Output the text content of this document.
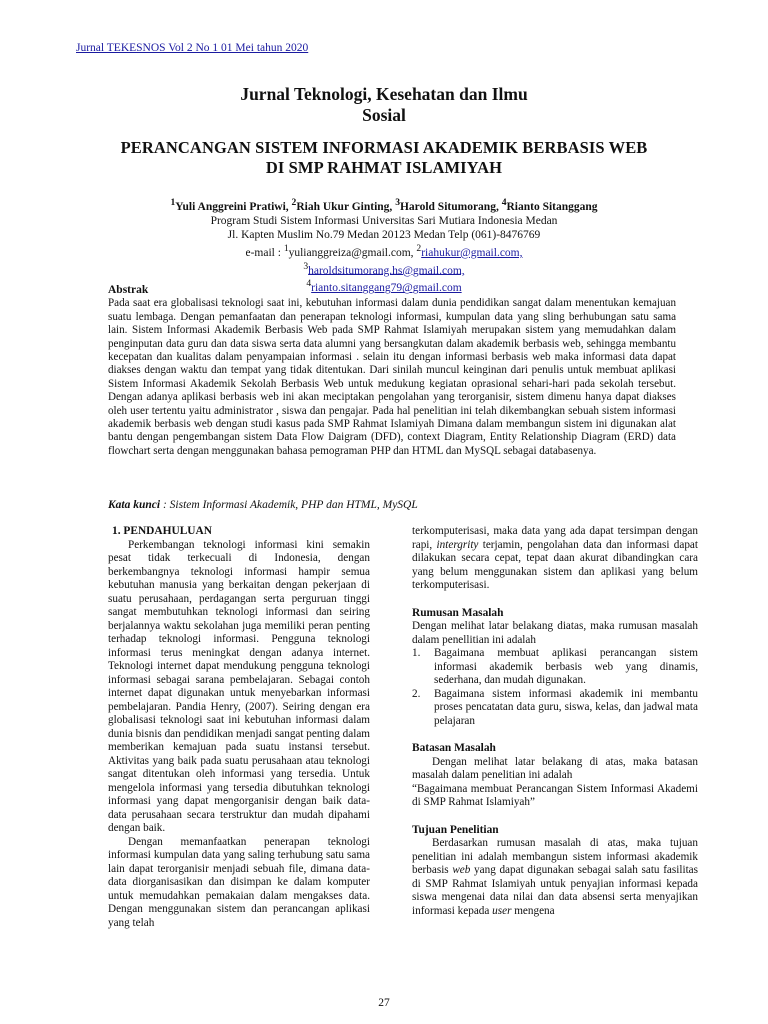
Jurnal TEKESNOS Vol 2 No 1 01 Mei tahun 2020
Jurnal Teknologi, Kesehatan dan Ilmu
Sosial
PERANCANGAN SISTEM INFORMASI AKADEMIK BERBASIS WEB
DI SMP RAHMAT ISLAMIYAH
$^1$Yuli Anggreini Pratiwi, $^2$Riah Ukur Ginting, $^3$Harold Situmorang, $^4$Rianto Sitanggang
Program Studi Sistem Informasi Universitas Sari Mutiara Indonesia Medan
Jl. Kapten Muslim No.79 Medan 20123 Medan Telp (061)-8476769
e-mail : $^1$yulianggreiza@gmail.com, $^2$riahukur@gmail.com,
$^3$haroldsitumorang.hs@gmail.com,
$^4$rianto.sitanggang79@gmail.com
Abstrak

Pada saat era globalisasi teknologi saat ini, kebutuhan informasi dalam dunia pendidikan sangat dalam menentukan kemajuan suatu lembaga. Dengan pemanfaatan dan penerapan teknologi informasi, kumpulan data yang sling berhubungan satu sama lain. Sistem Informasi Akademik Berbasis Web pada SMP Rahmat Islamiyah merupakan sistem yang memudahkan dalam penginputan data guru dan data siswa serta data alumni yang bersangkutan dalam akademik berbasis web, sehingga membantu kecepatan dan kualitas dalam penyampaian informasi . selain itu dengan informasi berbasis web maka informasi data dapat diakses dengan waktu dan tempat yang tidak ditentukan. Dari sinilah muncul keinginan dari penulis untuk membuat aplikasi Sistem Informasi Akademik Sekolah Berbasis Web untuk medukung kegiatan oprasional sehari-hari pada sekolah tersebut. Dengan adanya aplikasi berbasis web ini akan meciptakan pengolahan yang terorganisir, sistem dimenu hanya dapat diakses oleh user tertentu yaitu administrator , siswa dan pengajar. Pada hal penelitian ini telah dikembangkan sebuah sistem informasi akademik berbasis web dengan studi kasus pada SMP Rahmat Islamiyah Dimana dalam membangun sistem ini digunakan alat bantu dengan pengembangan sistem Data Flow Daigram (DFD), context Diagram, Entity Relationship Diagram (ERD) data flowchart serta dengan menggunakan bahasa pemograman PHP dan HTML dan MySQL sebagai databasenya.

Kata kunci : Sistem Informasi Akademik, PHP dan HTML, MySQL
1. PENDAHULUAN

Perkembangan teknologi informasi kini semakin pesat tidak terkecuali di Indonesia, dengan berkembangnya teknologi informasi hampir semua kebutuhan manusia yang berkaitan dengan pekerjaan di suatu perusahaan, perdagangan serta perguruan tinggi sangat membutuhkan teknologi informasi dan seiring berjalannya waktu sekolahan juga memiliki peran penting terhadap teknologi informasi. Pengguna teknologi informasi terus meningkat dengan adanya internet. Teknologi internet dapat mendukung pengguna teknologi informasi sebagai sarana pembelajaran. Sebagai contoh internet dapat digunakan untuk menyebarkan informasi pembelajaran. Pandia Henry, (2007). Seiring dengan era globalisasi teknologi saat ini kebutuhan informasi dalam dunia bisnis dan pendidikan menjadi sangat penting dalam memberikan kemajuan pada suatu instansi tersebut. Aktivitas yang baik pada suatu perusahaan atau teknologi sangat ditentukan oleh informasi yang tersedia. Untuk mengelola informasi yang tersedia dibutuhkan teknologi informasi yang dapat mengorganisir dengan baik data-data perusahaan secara terstruktur dan mudah dipahami dengan baik.

Dengan memanfaatkan penerapan teknologi informasi kumpulan data yang saling terhubung satu sama lain dapat terorganisir menjadi sebuah file, dimana data-data diorganisasikan dan disimpan ke dalam komputer untuk memudahkan pemakaian dalam mengakses data. Dengan menggunakan sistem dan perancangan aplikasi yang telah

terkomputerisasi, maka data yang ada dapat tersimpan dengan rapi, intergrity terjamin, pengolahan data dan informasi dapat dilakukan secara cepat, tepat daan akurat dibandingkan cara yang belum menggunakan sistem dan aplikasi yang belum terkomputerisasi.

Rumusan Masalah

Dengan melihat latar belakang diatas, maka rumusan masalah dalam penellitian ini adalah

1.	Bagaimana membuat aplikasi perancangan sistem informasi akademik berbasis web yang dinamis, sederhana, dan mudah digunakan.
2.	Bagaimana sistem informasi akademik ini membantu proses pencatatan data guru, siswa, kelas, dan jadwal mata pelajaran
Batasan Masalah

Dengan melihat latar belakang di atas, maka batasan masalah dalam penelitian ini adalah

“Bagaimana membuat Perancangan Sistem Informasi Akademi di SMP Rahmat Islamiyah”

Tujuan Penelitian

Berdasarkan rumusan masalah di atas, maka tujuan penelitian ini adalah membangun sistem informasi akademik berbasis web yang dapat digunakan sebagai salah satu fasilitas di SMP Rahmat Islamiyah untuk penyajian informasi kepada siswa mengenai data nilai dan data absensi serta menyajikan informasi kepada user mengena

27
